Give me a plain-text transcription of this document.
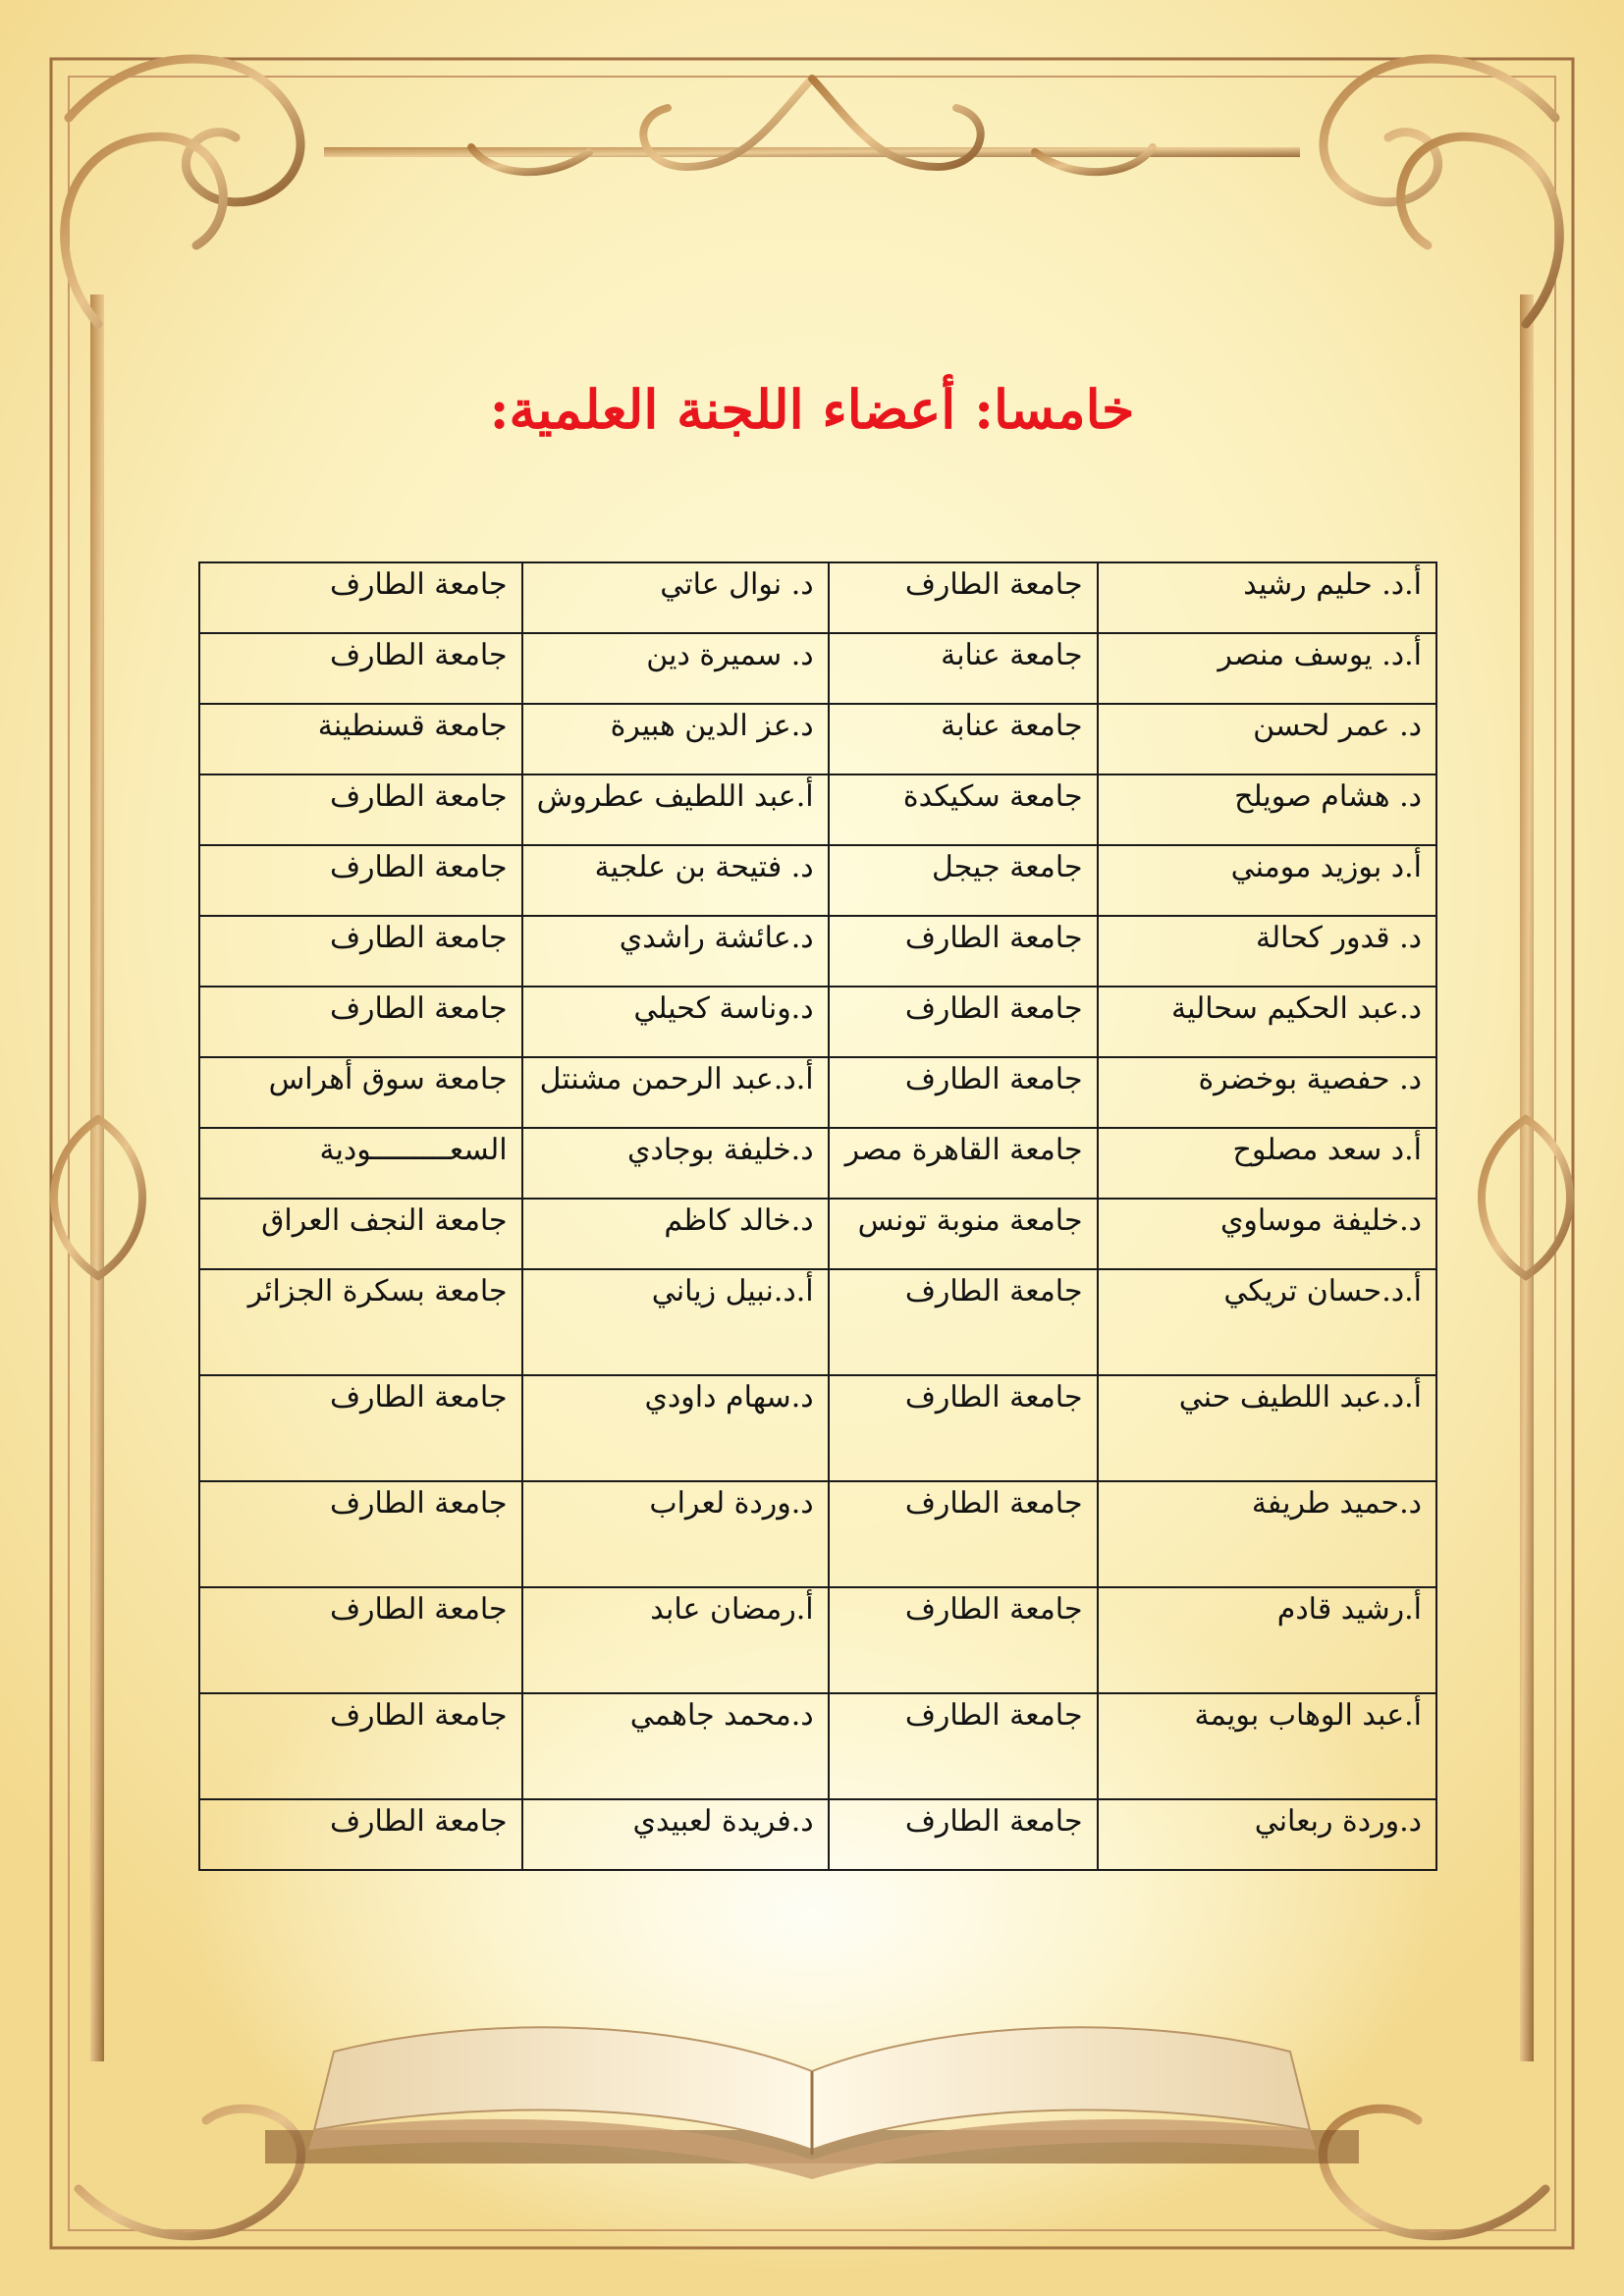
خامسا: أعضاء اللجنة العلمية:
أ.د. حليم رشيد	جامعة الطارف	د. نوال عاتي	جامعة الطارف
أ.د. يوسف منصر	جامعة عنابة	د. سميرة دين	جامعة الطارف
د. عمر لحسن	جامعة عنابة	د.عز الدين هبيرة	جامعة قسنطينة
د. هشام صويلح	جامعة سكيكدة	أ.عبد اللطيف عطروش	جامعة الطارف
أ.د بوزيد مومني	جامعة جيجل	د. فتيحة بن علجية	جامعة الطارف
د. قدور كحالة	جامعة الطارف	د.عائشة راشدي	جامعة الطارف
د.عبد الحكيم سحالية	جامعة الطارف	د.وناسة كحيلي	جامعة الطارف
د. حفصية بوخضرة	جامعة الطارف	أ.د.عبد الرحمن مشنتل	جامعة سوق أهراس
أ.د سعد مصلوح	جامعة القاهرة مصر	د.خليفة بوجادي	السعـــــــــودية
د.خليفة موساوي	جامعة منوبة تونس	د.خالد كاظم	جامعة النجف العراق
أ.د.حسان تريكي	جامعة الطارف	أ.د.نبيل زياني	جامعة بسكرة الجزائر
أ.د.عبد اللطيف حني	جامعة الطارف	د.سهام داودي	جامعة الطارف
د.حميد طريفة	جامعة الطارف	د.وردة لعراب	جامعة الطارف
أ.رشيد قادم	جامعة الطارف	أ.رمضان عابد	جامعة الطارف
أ.عبد الوهاب بويمة	جامعة الطارف	د.محمد جاهمي	جامعة الطارف
د.وردة ربعاني	جامعة الطارف	د.فريدة لعبيدي	جامعة الطارف
